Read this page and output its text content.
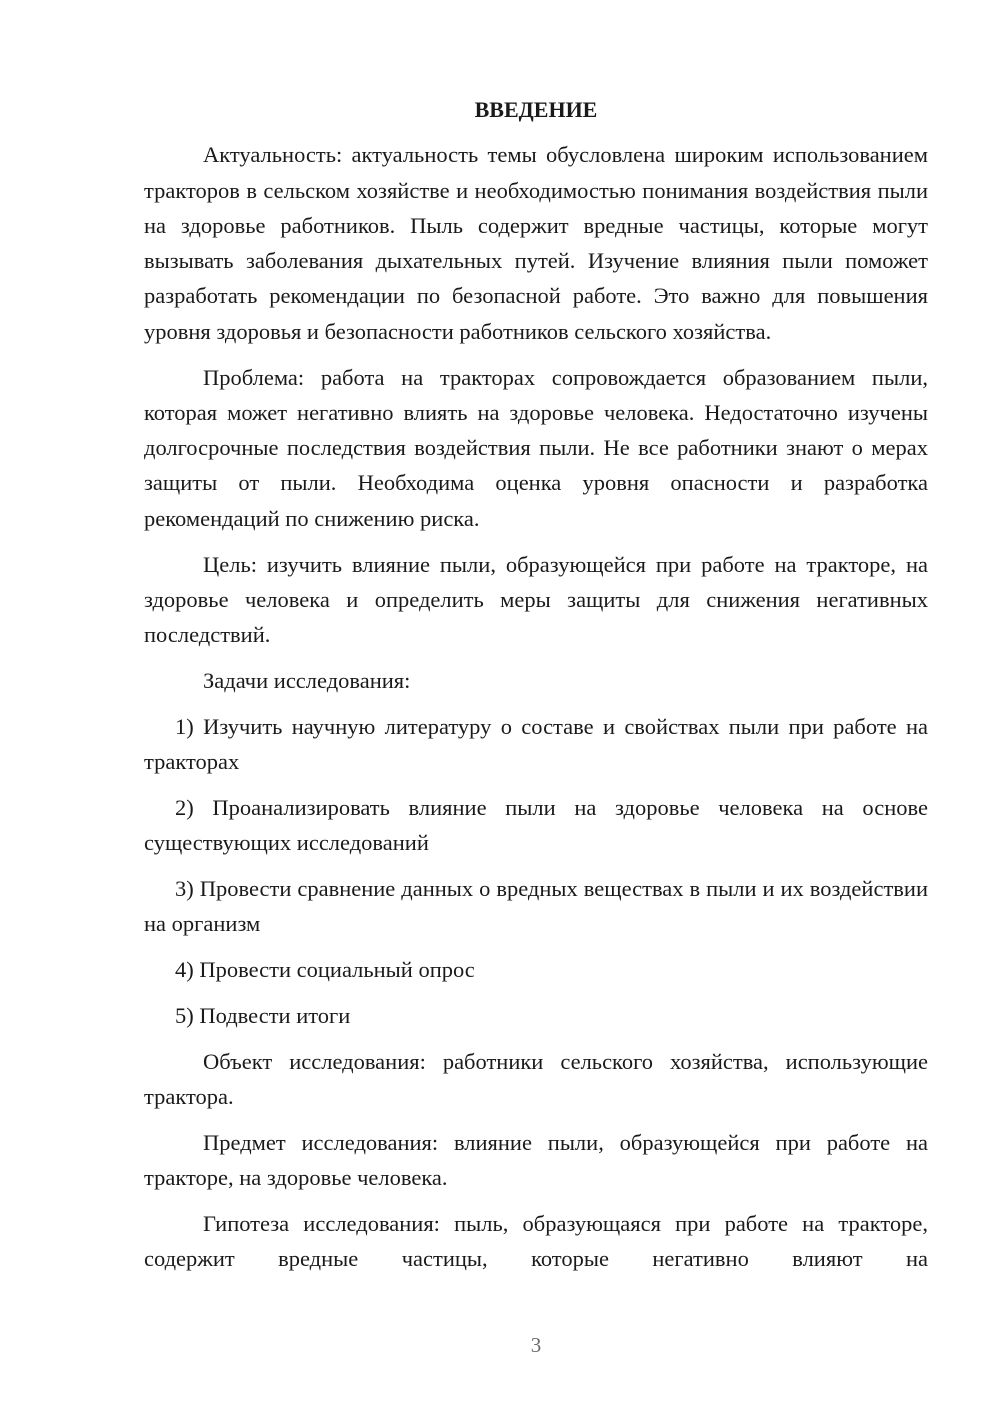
ВВЕДЕНИЕ

Актуальность: актуальность темы обусловлена широким использованием тракторов в сельском хозяйстве и необходимостью понимания воздействия пыли на здоровье работников. Пыль содержит вредные частицы, которые могут вызывать заболевания дыхательных путей. Изучение влияния пыли поможет разработать рекомендации по безопасной работе. Это важно для повышения уровня здоровья и безопасности работников сельского хозяйства.

Проблема: работа на тракторах сопровождается образованием пыли, которая может негативно влиять на здоровье человека. Недостаточно изучены долгосрочные последствия воздействия пыли. Не все работники знают о мерах защиты от пыли. Необходима оценка уровня опасности и разработка рекомендаций по снижению риска.

Цель: изучить влияние пыли, образующейся при работе на тракторе, на здоровье человека и определить меры защиты для снижения негативных последствий.

Задачи исследования:

1) Изучить научную литературу о составе и свойствах пыли при работе на тракторах

2) Проанализировать влияние пыли на здоровье человека на основе существующих исследований

3) Провести сравнение данных о вредных веществах в пыли и их воздействии на организм

4) Провести социальный опрос

5) Подвести итоги

Объект исследования: работники сельского хозяйства, использующие трактора.

Предмет исследования: влияние пыли, образующейся при работе на тракторе, на здоровье человека.

Гипотеза исследования: пыль, образующаяся при работе на тракторе, содержит вредные частицы, которые негативно влияют на

3
